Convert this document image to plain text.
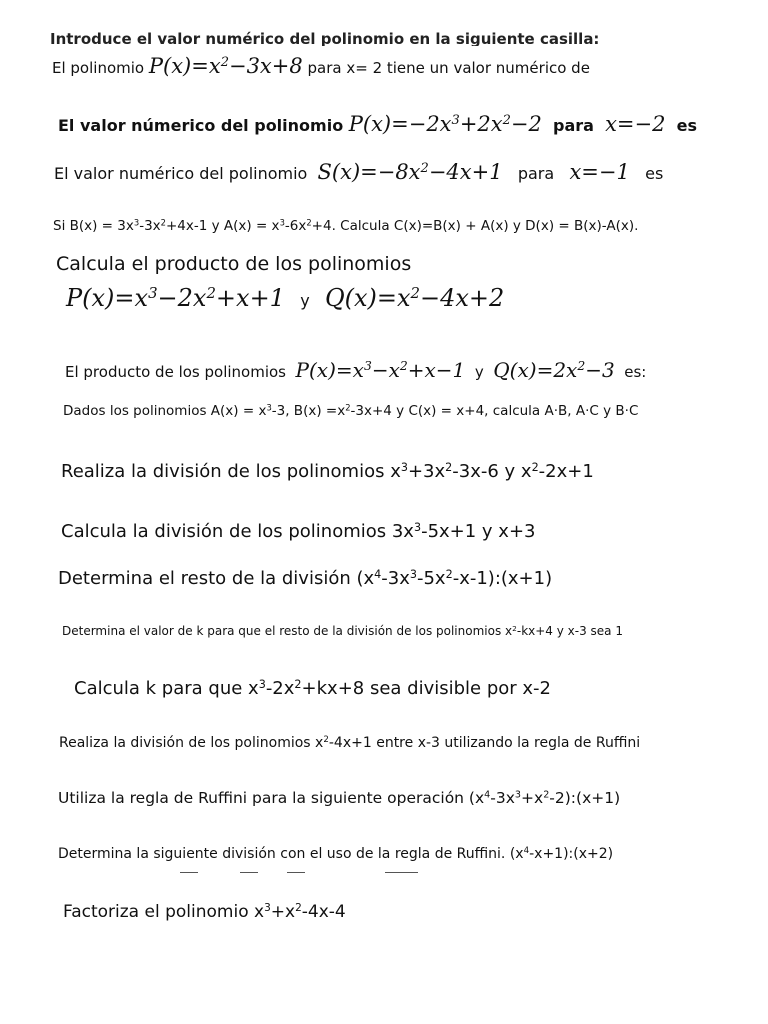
Introduce el valor numérico del polinomio en la siguiente casilla:
El polinomio $P(x)=x^2-3x+8$ para x= 2 tiene un valor numérico de
El valor númerico del polinomio $P(x)=-2x^3+2x^2-2$ para x=−2 es
El valor numérico del polinomio $S(x)=-8x^2-4x+1$ para x=−1 es
Si $B(x) = 3x^3-3x^2+4x-1$ y $A(x) = x^3-6x^2+4$. Calcula C(x)=B(x) + A(x) y D(x) = B(x)-A(x).
Calcula el producto de los polinomios
$P(x)=x^3-2x^2+x+1$ y $Q(x)=x^2-4x+2$
El producto de los polinomios $P(x)=x^3-x^2+x-1$ y $Q(x)=2x^2-3$ es:
Dados los polinomios $A(x) = x^3-3$, $B(x) =x^2-3x+4$ y C(x) = x+4, calcula A·B, A·C y B·C
Realiza la división de los polinomios $x^3+3x^2-3x-6$ y $x^2-2x+1$
Calcula la división de los polinomios $3x^3-5x+1$ y x+3
Determina el resto de la división $(x^4-3x^3-5x^2-x-1):(x+1)$
Determina el valor de k para que el resto de la división de los polinomios $x^2-kx+4$ y x-3 sea 1
Calcula k para que $x^3-2x^2+kx+8$ sea divisible por x-2
Realiza la división de los polinomios $x^2-4x+1$ entre x-3 utilizando la regla de Ruffini
Utiliza la regla de Ruffini para la siguiente operación $(x^4-3x^3+x^2-2):(x+1)$
Determina la siguiente división con el uso de la regla de Ruffini. $(x^4-x+1):(x+2)$
Factoriza el polinomio $x^3+x^2-4x-4$
